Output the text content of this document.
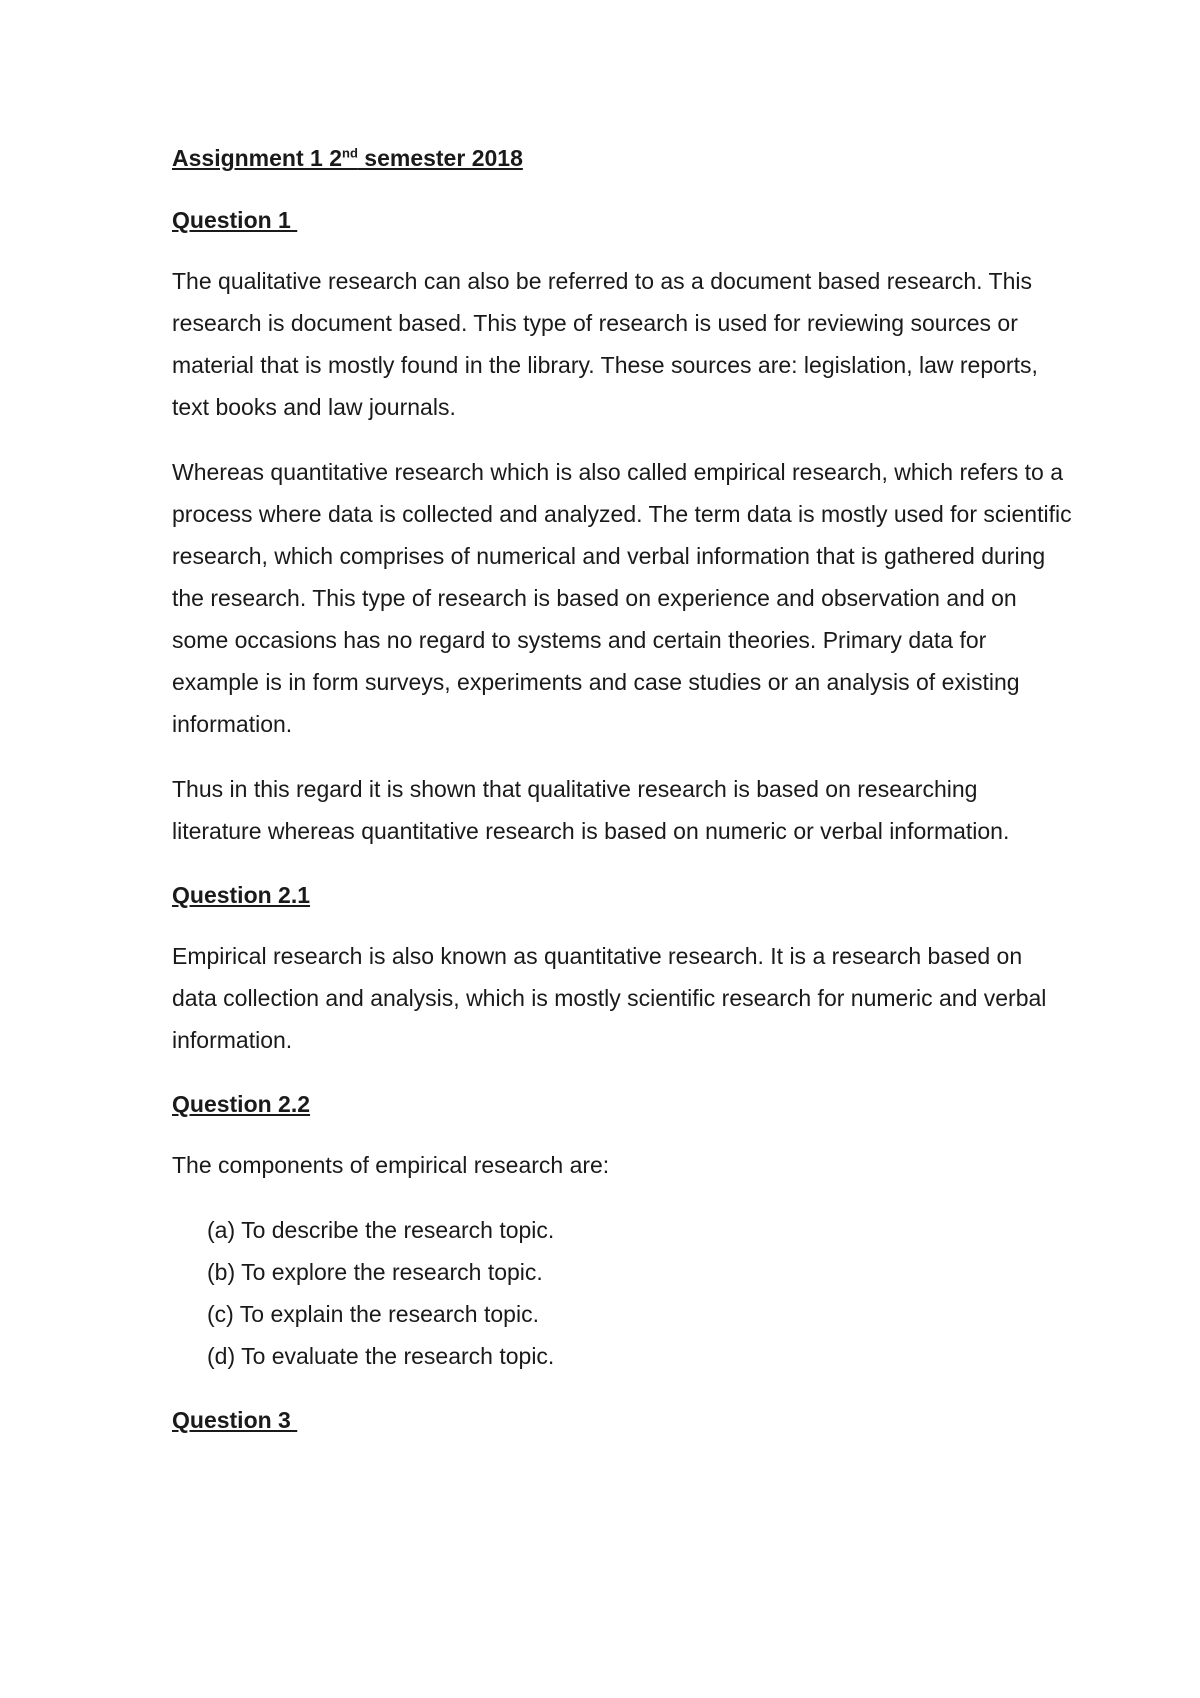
Assignment 1 2nd semester 2018

Question 1

The qualitative research can also be referred to as a document based research. This research is document based. This type of research is used for reviewing sources or material that is mostly found in the library. These sources are: legislation, law reports, text books and law journals.

Whereas quantitative research which is also called empirical research, which refers to a process where data is collected and analyzed. The term data is mostly used for scientific research, which comprises of numerical and verbal information that is gathered during the research. This type of research is based on experience and observation and on some occasions has no regard to systems and certain theories. Primary data for example is in form surveys, experiments and case studies or an analysis of existing information.

Thus in this regard it is shown that qualitative research is based on researching literature whereas quantitative research is based on numeric or verbal information.

Question 2.1

Empirical research is also known as quantitative research. It is a research based on data collection and analysis, which is mostly scientific research for numeric and verbal information.

Question 2.2

The components of empirical research are:

(a) To describe the research topic.
(b) To explore the research topic.
(c) To explain the research topic.
(d) To evaluate the research topic.

Question 3
